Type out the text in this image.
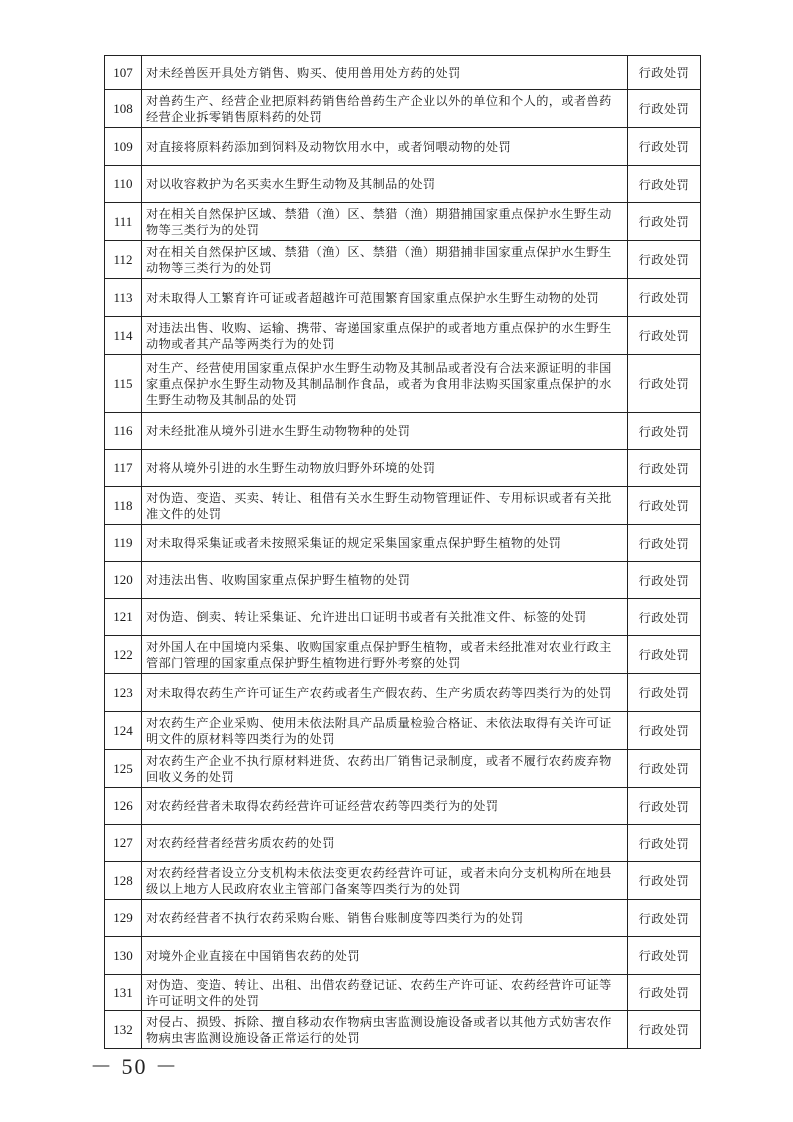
107	对未经兽医开具处方销售、购买、使用兽用处方药的处罚	行政处罚
108	对兽药生产、经营企业把原料药销售给兽药生产企业以外的单位和个人的，或者兽药经营企业拆零销售原料药的处罚	行政处罚
109	对直接将原料药添加到饲料及动物饮用水中，或者饲喂动物的处罚	行政处罚
110	对以收容救护为名买卖水生野生动物及其制品的处罚	行政处罚
111	对在相关自然保护区域、禁猎（渔）区、禁猎（渔）期猎捕国家重点保护水生野生动物等三类行为的处罚	行政处罚
112	对在相关自然保护区域、禁猎（渔）区、禁猎（渔）期猎捕非国家重点保护水生野生动物等三类行为的处罚	行政处罚
113	对未取得人工繁育许可证或者超越许可范围繁育国家重点保护水生野生动物的处罚	行政处罚
114	对违法出售、收购、运输、携带、寄递国家重点保护的或者地方重点保护的水生野生动物或者其产品等两类行为的处罚	行政处罚
115	对生产、经营使用国家重点保护水生野生动物及其制品或者没有合法来源证明的非国家重点保护水生野生动物及其制品制作食品，或者为食用非法购买国家重点保护的水生野生动物及其制品的处罚	行政处罚
116	对未经批准从境外引进水生野生动物物种的处罚	行政处罚
117	对将从境外引进的水生野生动物放归野外环境的处罚	行政处罚
118	对伪造、变造、买卖、转让、租借有关水生野生动物管理证件、专用标识或者有关批准文件的处罚	行政处罚
119	对未取得采集证或者未按照采集证的规定采集国家重点保护野生植物的处罚	行政处罚
120	对违法出售、收购国家重点保护野生植物的处罚	行政处罚
121	对伪造、倒卖、转让采集证、允许进出口证明书或者有关批准文件、标签的处罚	行政处罚
122	对外国人在中国境内采集、收购国家重点保护野生植物，或者未经批准对农业行政主管部门管理的国家重点保护野生植物进行野外考察的处罚	行政处罚
123	对未取得农药生产许可证生产农药或者生产假农药、生产劣质农药等四类行为的处罚	行政处罚
124	对农药生产企业采购、使用未依法附具产品质量检验合格证、未依法取得有关许可证明文件的原材料等四类行为的处罚	行政处罚
125	对农药生产企业不执行原材料进货、农药出厂销售记录制度，或者不履行农药废弃物回收义务的处罚	行政处罚
126	对农药经营者未取得农药经营许可证经营农药等四类行为的处罚	行政处罚
127	对农药经营者经营劣质农药的处罚	行政处罚
128	对农药经营者设立分支机构未依法变更农药经营许可证，或者未向分支机构所在地县级以上地方人民政府农业主管部门备案等四类行为的处罚	行政处罚
129	对农药经营者不执行农药采购台账、销售台账制度等四类行为的处罚	行政处罚
130	对境外企业直接在中国销售农药的处罚	行政处罚
131	对伪造、变造、转让、出租、出借农药登记证、农药生产许可证、农药经营许可证等许可证明文件的处罚	行政处罚
132	对侵占、损毁、拆除、擅自移动农作物病虫害监测设施设备或者以其他方式妨害农作物病虫害监测设施设备正常运行的处罚	行政处罚
－ 50 －
